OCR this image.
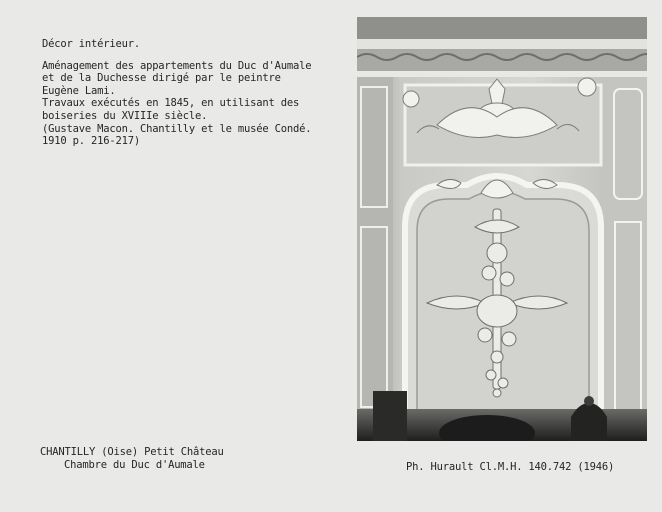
Décor intérieur.
Aménagement des appartements du Duc d'Aumale
et de la Duchesse dirigé par le peintre
Eugène Lami.
Travaux exécutés en 1845, en utilisant des
boiseries du XVIIIe siècle.
(Gustave Macon. Chantilly et le musée Condé.
1910 p. 216-217)
CHANTILLY (Oise) Petit Château
Chambre du Duc d'Aumale	Ph. Hurault Cl.M.H. 140.742 (1946)
